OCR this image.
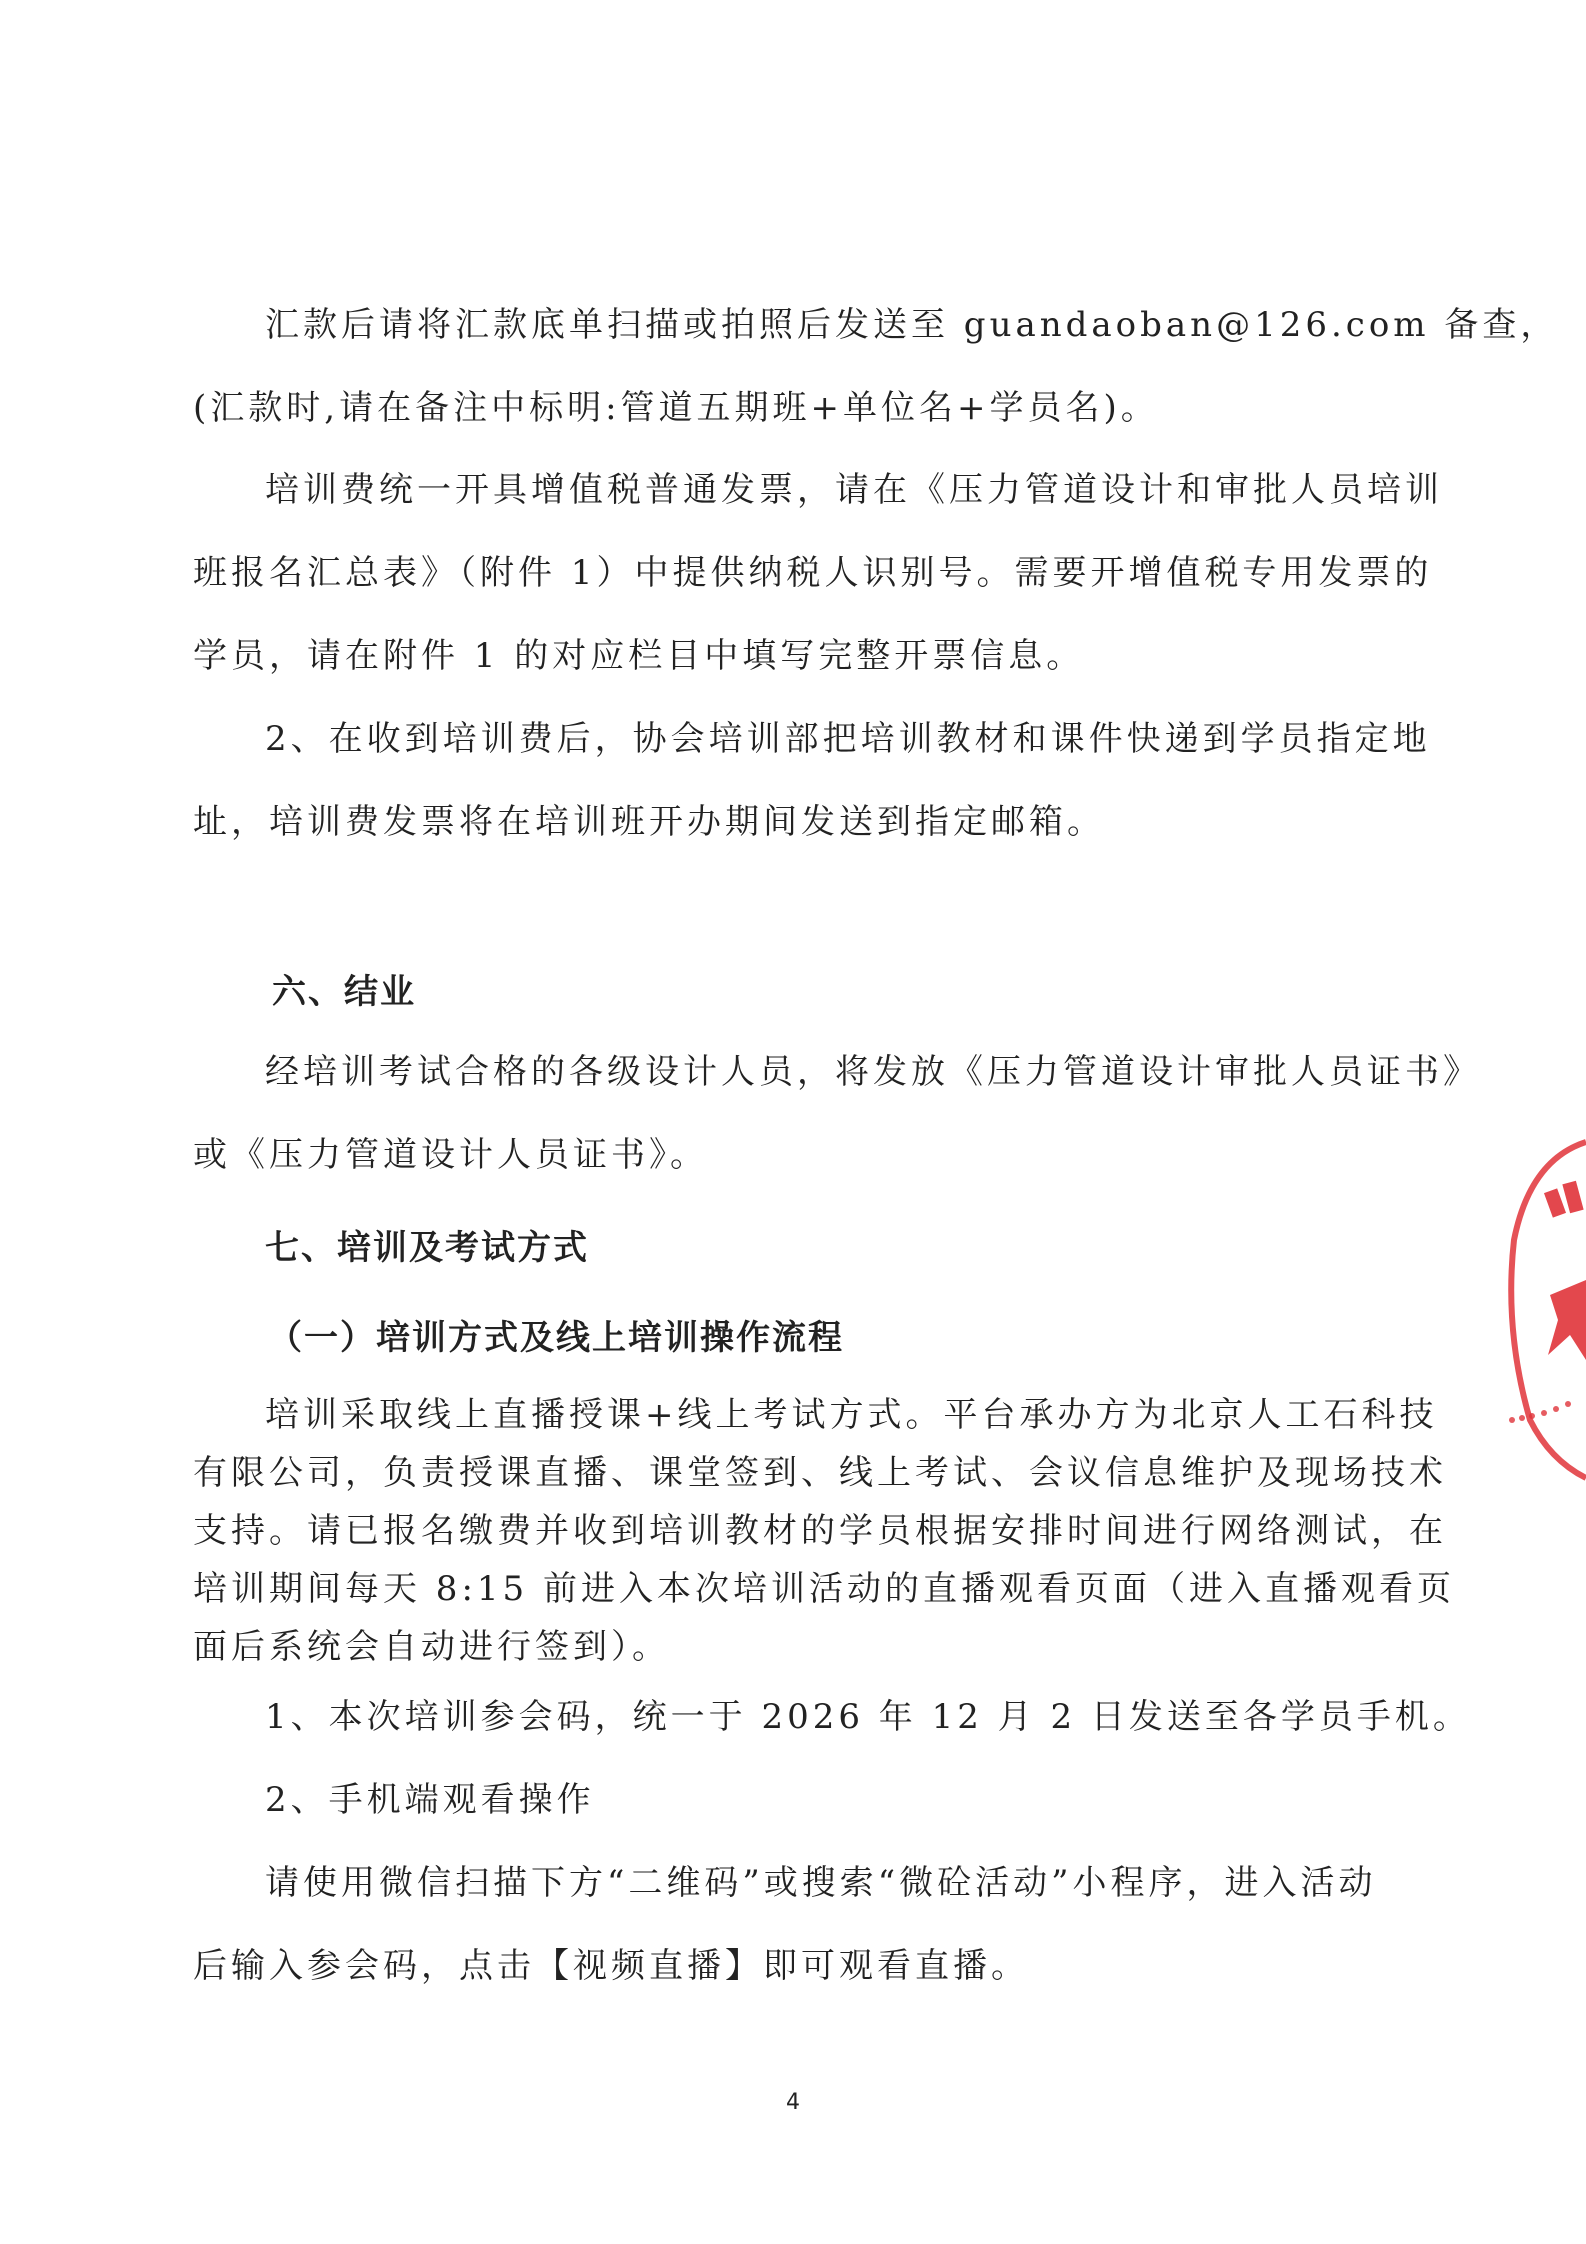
汇款后请将汇款底单扫描或拍照后发送至 guandaoban@126.com 备查，
(汇款时,请在备注中标明:管道五期班+单位名+学员名)。
培训费统一开具增值税普通发票，请在《压力管道设计和审批人员培训
班报名汇总表》（附件 1）中提供纳税人识别号。需要开增值税专用发票的
学员，请在附件 1 的对应栏目中填写完整开票信息。
2、在收到培训费后，协会培训部把培训教材和课件快递到学员指定地
址，培训费发票将在培训班开办期间发送到指定邮箱。
六、结业
经培训考试合格的各级设计人员，将发放《压力管道设计审批人员证书》
或《压力管道设计人员证书》。
七、培训及考试方式
（一）培训方式及线上培训操作流程
培训采取线上直播授课+线上考试方式。平台承办方为北京人工石科技
有限公司，负责授课直播、课堂签到、线上考试、会议信息维护及现场技术
支持。请已报名缴费并收到培训教材的学员根据安排时间进行网络测试，在
培训期间每天 8:15 前进入本次培训活动的直播观看页面（进入直播观看页
面后系统会自动进行签到）。
1、本次培训参会码，统一于 2026 年 12 月 2 日发送至各学员手机。
2、手机端观看操作
请使用微信扫描下方“二维码”或搜索“微砼活动”小程序，进入活动
后输入参会码，点击【视频直播】即可观看直播。
4
